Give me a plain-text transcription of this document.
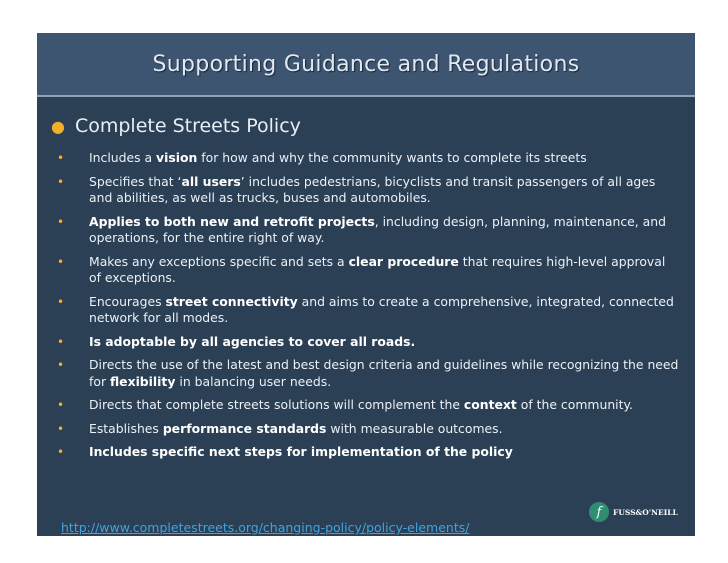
Supporting Guidance and Regulations
● Complete Streets Policy
• Includes a vision for how and why the community wants to complete its streets
• Specifies that ‘all users’ includes pedestrians, bicyclists and transit passengers of all ages and abilities, as well as trucks, buses and automobiles.
• Applies to both new and retrofit projects, including design, planning, maintenance, and operations, for the entire right of way.
• Makes any exceptions specific and sets a clear procedure that requires high-level approval of exceptions.
• Encourages street connectivity and aims to create a comprehensive, integrated, connected network for all modes.
• Is adoptable by all agencies to cover all roads.
• Directs the use of the latest and best design criteria and guidelines while recognizing the need for flexibility in balancing user needs.
• Directs that complete streets solutions will complement the context of the community.
• Establishes performance standards with measurable outcomes.
• Includes specific next steps for implementation of the policy
http://www.completestreets.org/changing-policy/policy-elements/
f	FUSS&O'NEILL
